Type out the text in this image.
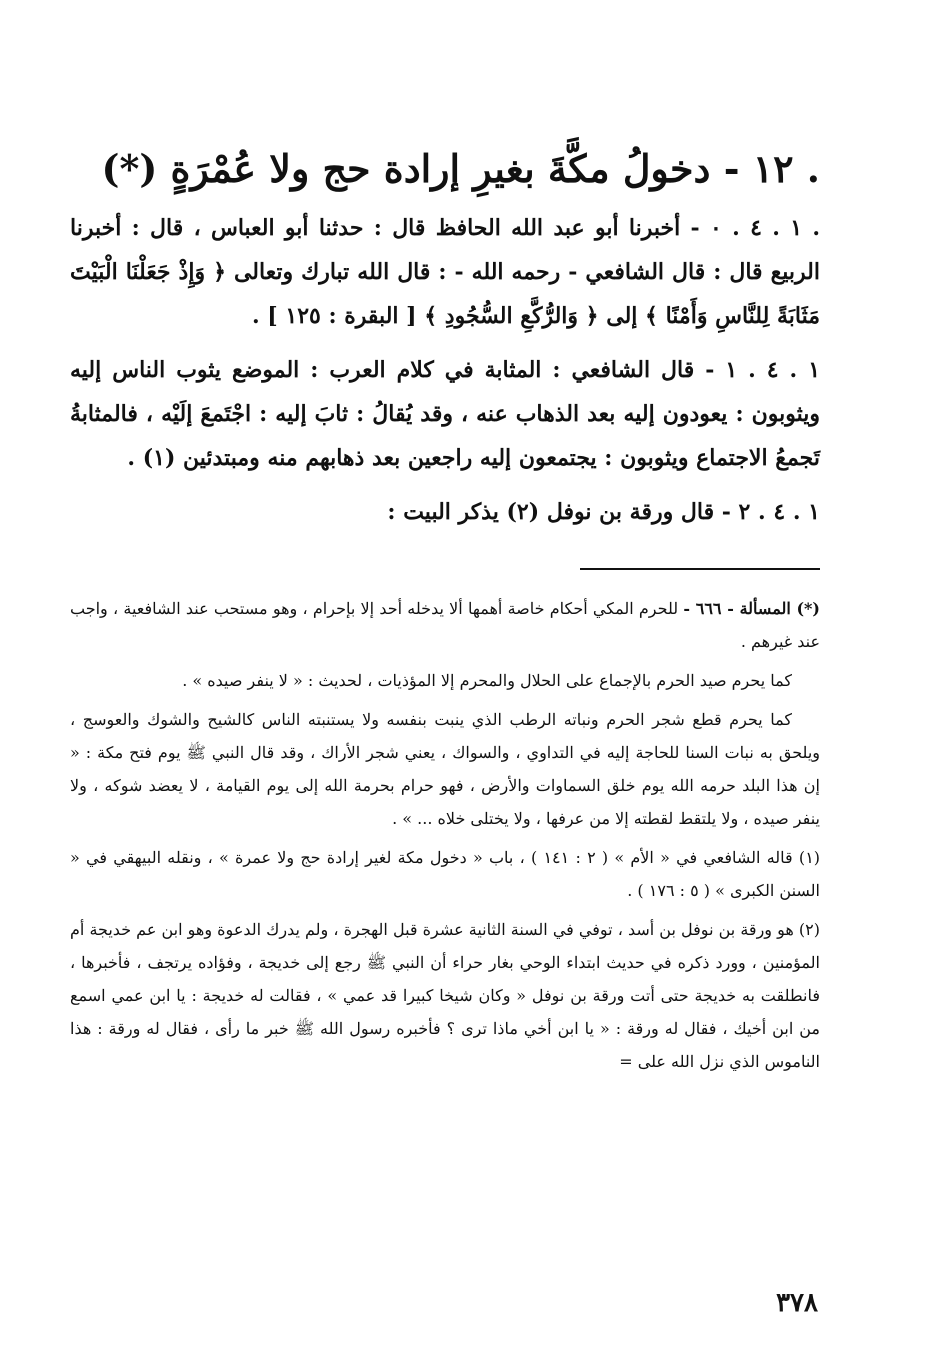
. ١٢ - دخولُ مكَّةَ بغيرِ إرادة حج ولا عُمْرَةٍ (*)

. ١ . ٤ . ٠ - أخبرنا أبو عبد الله الحافظ قال : حدثنا أبو العباس ، قال : أخبرنا الربيع قال : قال الشافعي - رحمه الله - : قال الله تبارك وتعالى ﴿ وَإِذْ جَعَلْنَا الْبَيْتَ مَثَابَةً لِلنَّاسِ وَأَمْنًا ﴾ إلى ﴿ وَالرُّكَّعِ السُّجُودِ ﴾ [ البقرة : ١٢٥ ] .

١ . ٤ . ١ - قال الشافعي : المثابة في كلام العرب : الموضع يثوب الناس إليه ويثوبون : يعودون إليه بعد الذهاب عنه ، وقد يُقالُ : ثابَ إليه : اجْتَمعَ إلَيْه ، فالمثابةُ تَجمعُ الاجتماع ويثوبون : يجتمعون إليه راجعين بعد ذهابهم منه ومبتدئين (١) .

١ . ٤ . ٢ - قال ورقة بن نوفل (٢) يذكر البيت :

(*) المسألة - ٦٦٦ - للحرم المكي أحكام خاصة أهمها ألا يدخله أحد إلا بإحرام ، وهو مستحب عند الشافعية ، واجب عند غيرهم .

كما يحرم صيد الحرم بالإجماع على الحلال والمحرم إلا المؤذيات ، لحديث : « لا ينفر صيده » .

كما يحرم قطع شجر الحرم ونباته الرطب الذي ينبت بنفسه ولا يستنبته الناس كالشيح والشوك والعوسج ، ويلحق به نبات السنا للحاجة إليه في التداوي ، والسواك ، يعني شجر الأراك ، وقد قال النبي ﷺ يوم فتح مكة : « إن هذا البلد حرمه الله يوم خلق السماوات والأرض ، فهو حرام بحرمة الله إلى يوم القيامة ، لا يعضد شوكه ، ولا ينفر صيده ، ولا يلتقط لقطته إلا من عرفها ، ولا يختلى خلاه ... » .

(١) قاله الشافعي في « الأم » ( ٢ : ١٤١ ) ، باب « دخول مكة لغير إرادة حج ولا عمرة » ، ونقله البيهقي في « السنن الكبرى » ( ٥ : ١٧٦ ) .

(٢) هو ورقة بن نوفل بن أسد ، توفي في السنة الثانية عشرة قبل الهجرة ، ولم يدرك الدعوة وهو ابن عم خديجة أم المؤمنين ، وورد ذكره في حديث ابتداء الوحي بغار حراء أن النبي ﷺ رجع إلى خديجة ، وفؤاده يرتجف ، فأخبرها ، فانطلقت به خديجة حتى أتت ورقة بن نوفل « وكان شيخا كبيرا قد عمي » ، فقالت له خديجة : يا ابن عمي اسمع من ابن أخيك ، فقال له ورقة : « يا ابن أخي ماذا ترى ؟ فأخبره رسول الله ﷺ خبر ما رأى ، فقال له ورقة : هذا الناموس الذي نزل الله على =

٣٧٨
